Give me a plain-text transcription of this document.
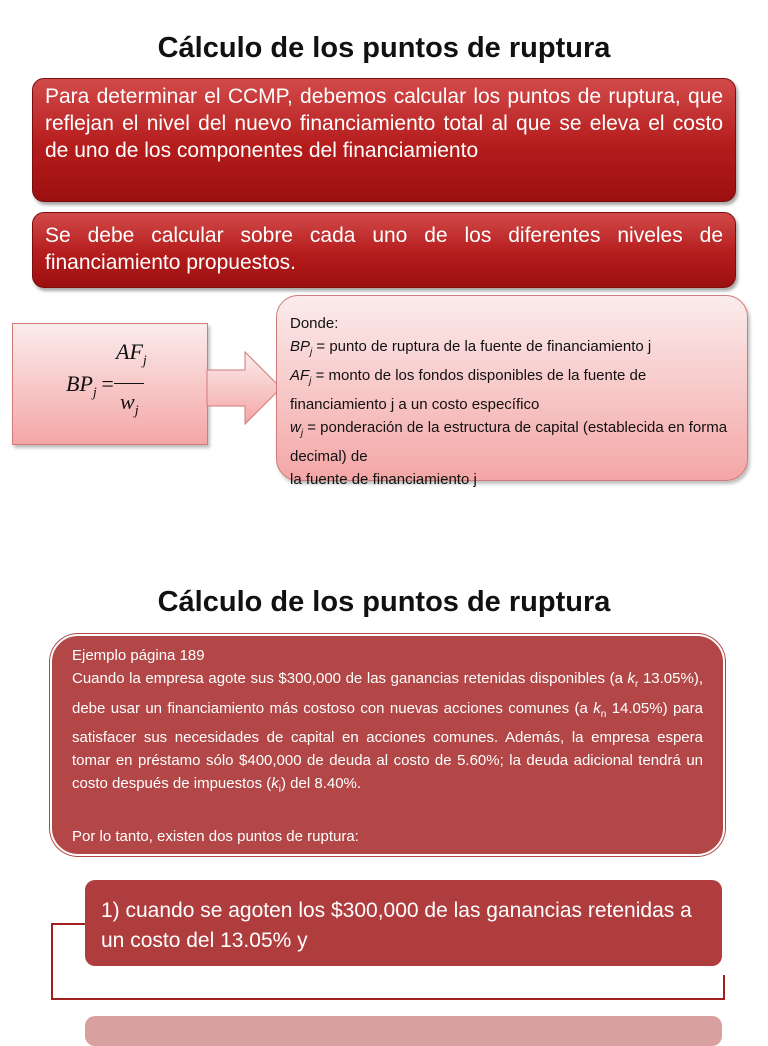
Cálculo de los puntos de ruptura
Para determinar el CCMP, debemos calcular los puntos de ruptura, que reflejan el nivel del nuevo financiamiento total al que se eleva el costo de uno de los componentes del financiamiento
Se debe calcular sobre cada uno de los diferentes niveles de financiamiento propuestos.
$BP_j$ =
$AF_j$
$w_j$
Donde:
$BP_j$ = punto de ruptura de la fuente de financiamiento j
$AF_j$ = monto de los fondos disponibles de la fuente de financiamiento j a un costo específico
$w_j$ = ponderación de la estructura de capital (establecida en forma decimal) de
la fuente de financiamiento j
Cálculo de los puntos de ruptura
Ejemplo página 189
Cuando la empresa agote sus $300,000 de las ganancias retenidas disponibles (a $k_r$ 13.05%), debe usar un financiamiento más costoso con nuevas acciones comunes (a $k_n$ 14.05%) para satisfacer sus necesidades de capital en acciones comunes. Además, la empresa espera tomar en préstamo sólo $400,000 de deuda al costo de 5.60%; la deuda adicional tendrá un costo después de impuestos $(k_i)$ del 8.40%.
Por lo tanto, existen dos puntos de ruptura:
1) cuando se agoten los $300,000 de las ganancias retenidas a un costo del 13.05% y
